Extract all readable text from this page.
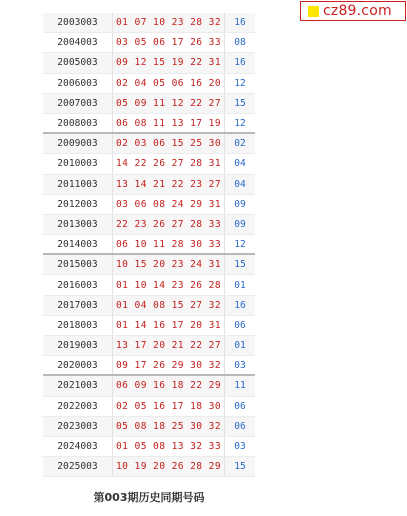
cz89.com
2003003	01 07 10 23 28 32	16
2004003	03 05 06 17 26 33	08
2005003	09 12 15 19 22 31	16
2006003	02 04 05 06 16 20	12
2007003	05 09 11 12 22 27	15
2008003	06 08 11 13 17 19	12
2009003	02 03 06 15 25 30	02
2010003	14 22 26 27 28 31	04
2011003	13 14 21 22 23 27	04
2012003	03 06 08 24 29 31	09
2013003	22 23 26 27 28 33	09
2014003	06 10 11 28 30 33	12
2015003	10 15 20 23 24 31	15
2016003	01 10 14 23 26 28	01
2017003	01 04 08 15 27 32	16
2018003	01 14 16 17 20 31	06
2019003	13 17 20 21 22 27	01
2020003	09 17 26 29 30 32	03
2021003	06 09 16 18 22 29	11
2022003	02 05 16 17 18 30	06
2023003	05 08 18 25 30 32	06
2024003	01 05 08 13 32 33	03
2025003	10 19 20 26 28 29	15
第003期历史同期号码
